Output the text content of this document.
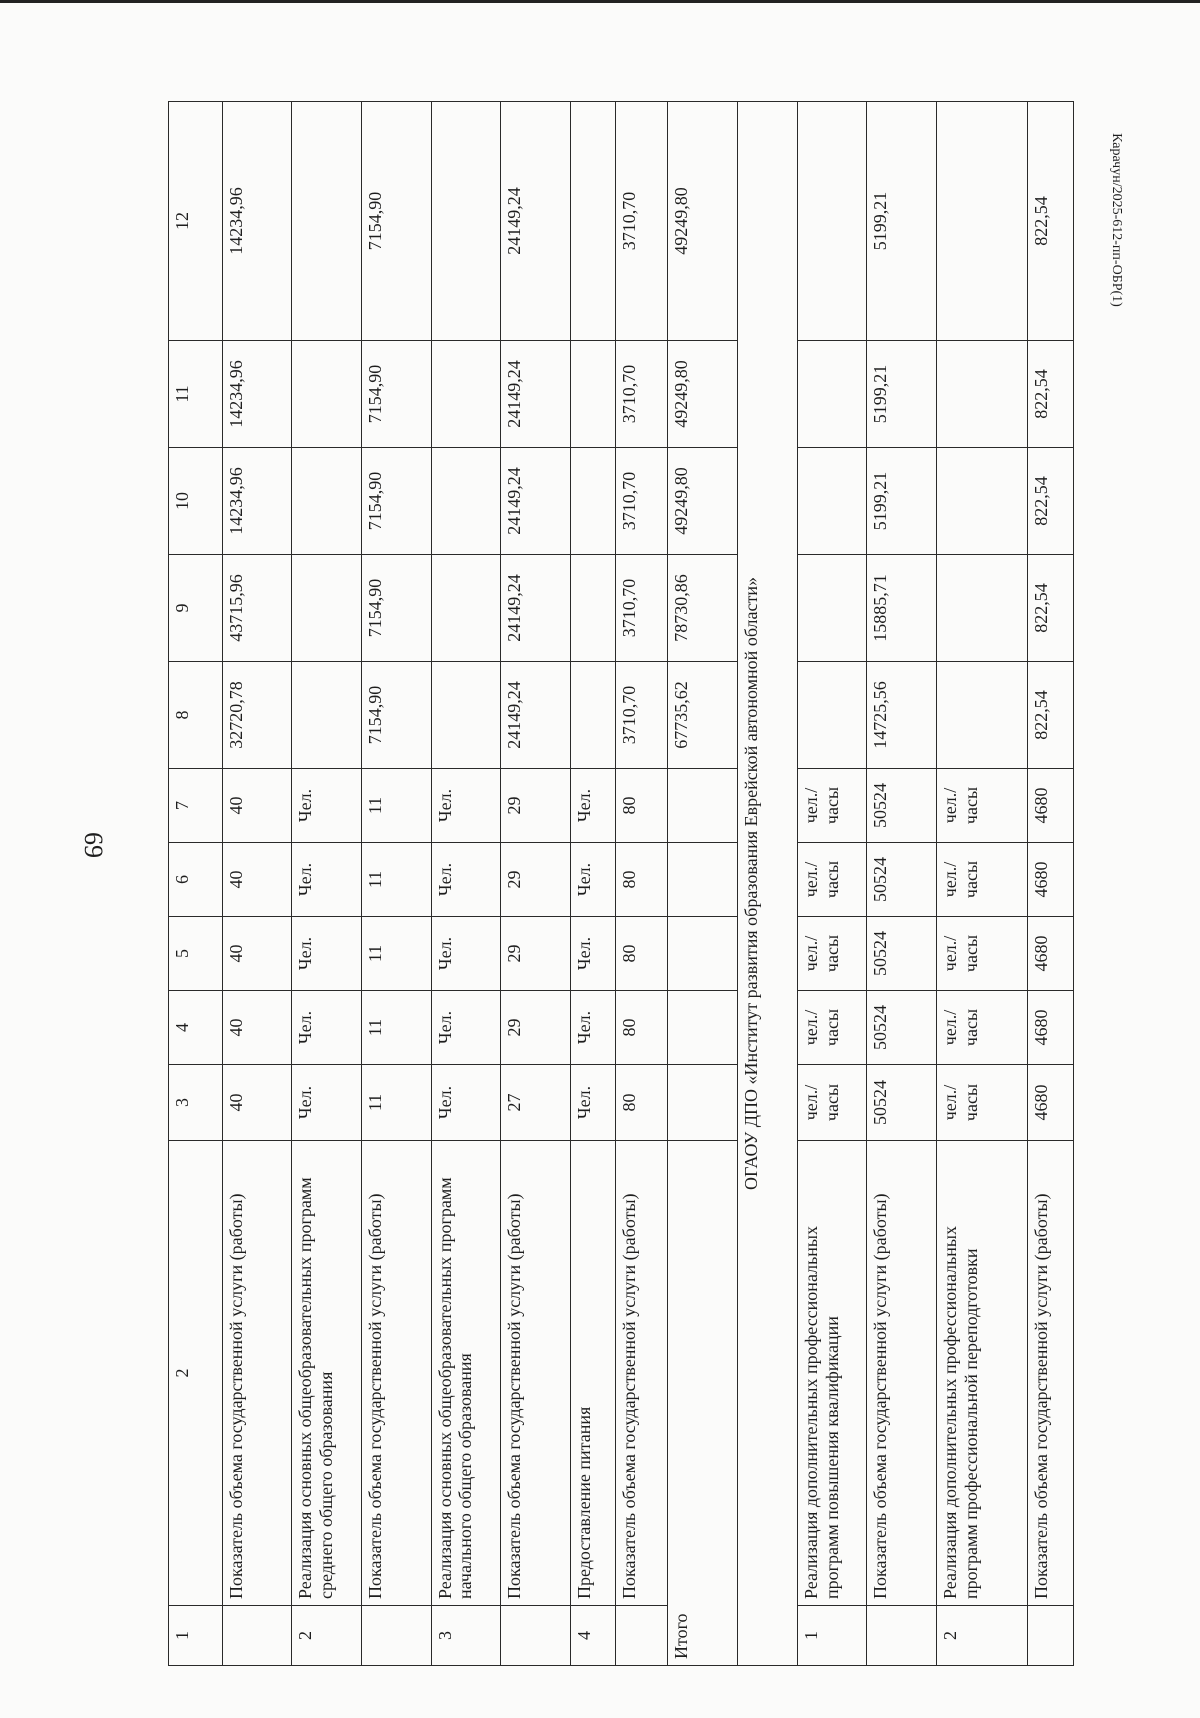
69
Карачун/2025-612-пп-ОБР(1)
1	2	3	4	5	6	7	8	9	10	11	12
	Показатель объема государственной услуги (работы)	40	40	40	40	40	32720,78	43715,96	14234,96	14234,96	14234,96
2	Реализация основных общеобразовательных программ среднего общего образования	Чел.	Чел.	Чел.	Чел.	Чел.					
	Показатель объема государственной услуги (работы)	11	11	11	11	11	7154,90	7154,90	7154,90	7154,90	7154,90
3	Реализация основных общеобразовательных программ начального общего образования	Чел.	Чел.	Чел.	Чел.	Чел.					
	Показатель объема государственной услуги (работы)	27	29	29	29	29	24149,24	24149,24	24149,24	24149,24	24149,24
4	Предоставление питания	Чел.	Чел.	Чел.	Чел.	Чел.					
	Показатель объема государственной услуги (работы)	80	80	80	80	80	3710,70	3710,70	3710,70	3710,70	3710,70
Итого							67735,62	78730,86	49249,80	49249,80	49249,80
ОГАОУ ДПО «Институт развития образования Еврейской автономной области»											
1	Реализация дополнительных профессиональных программ повышения квалификации	чел./ часы	чел./ часы	чел./ часы	чел./ часы	чел./ часы					
	Показатель объема государственной услуги (работы)	50524	50524	50524	50524	50524	14725,56	15885,71	5199,21	5199,21	5199,21
2	Реализация дополнительных профессиональных программ профессиональной переподготовки	чел./ часы	чел./ часы	чел./ часы	чел./ часы	чел./ часы					
	Показатель объема государственной услуги (работы)	4680	4680	4680	4680	4680	822,54	822,54	822,54	822,54	822,54
